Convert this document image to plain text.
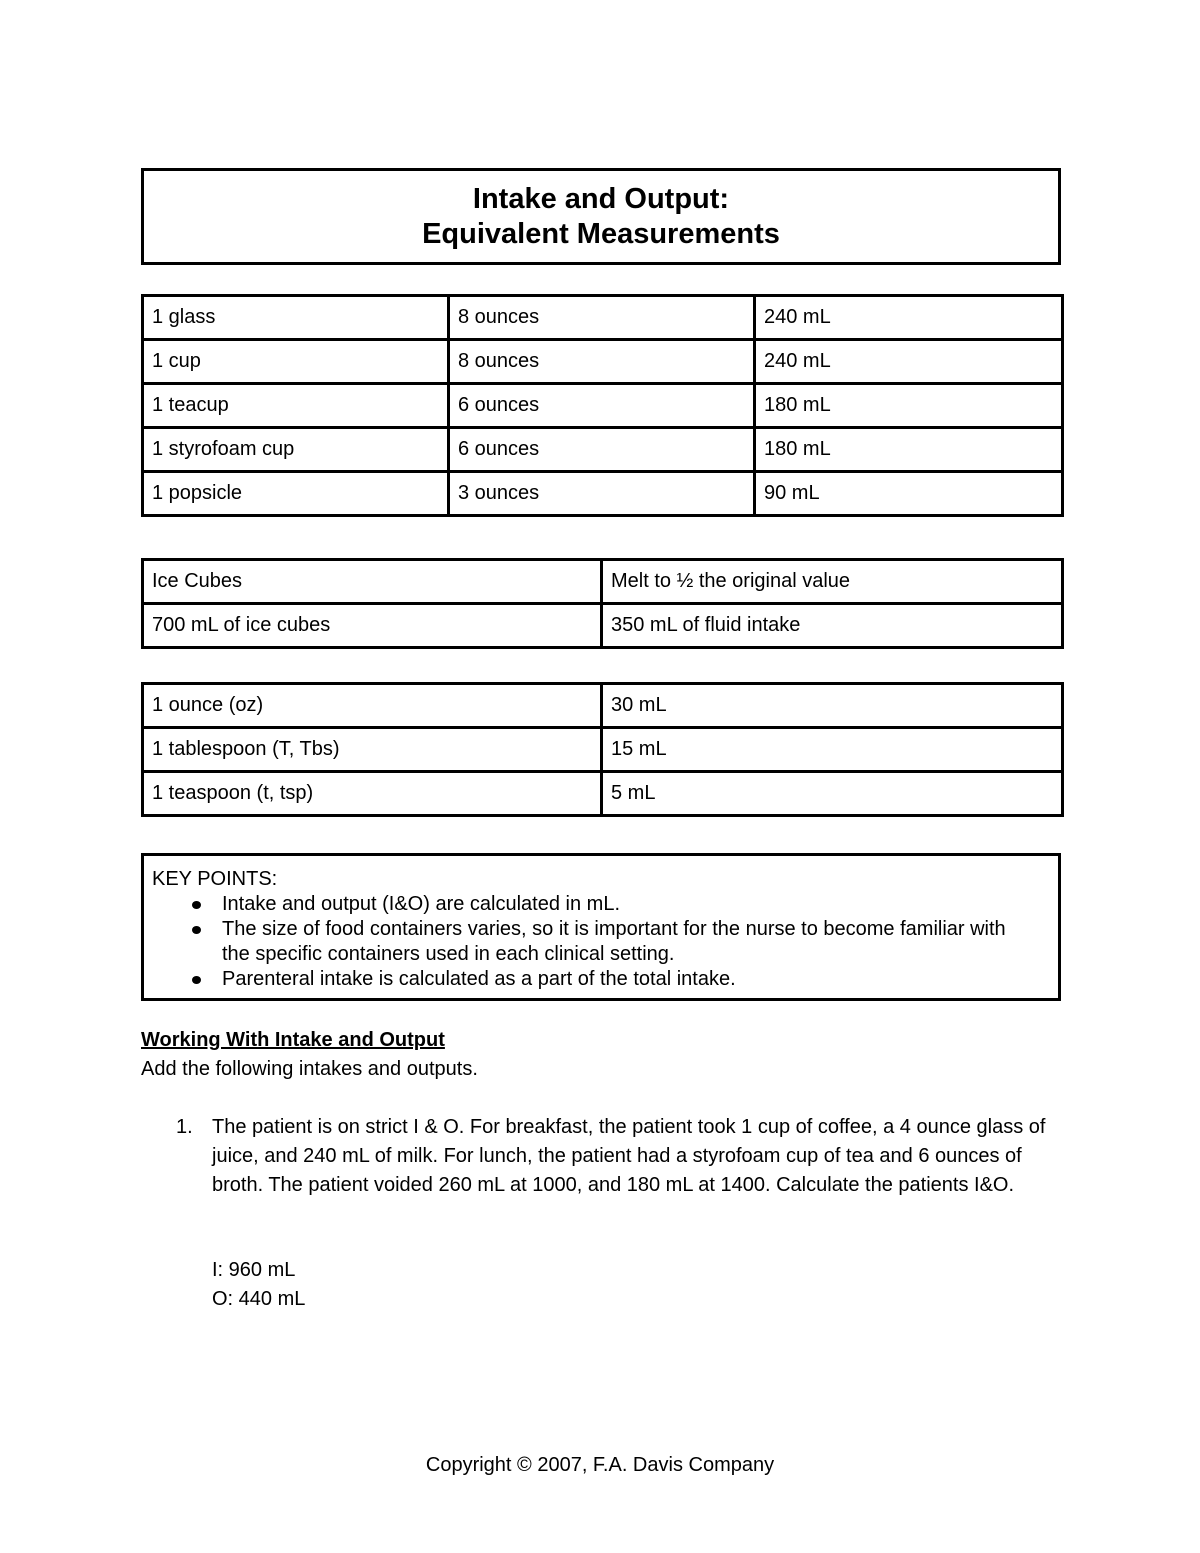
Intake and Output:
Equivalent Measurements
1 glass	8 ounces	240 mL
1 cup	8 ounces	240 mL
1 teacup	6 ounces	180 mL
1 styrofoam cup	6 ounces	180 mL
1 popsicle	3 ounces	90 mL
Ice Cubes	Melt to ½ the original value
700 mL of ice cubes	350 mL of fluid intake
1 ounce (oz)	30 mL
1 tablespoon (T, Tbs)	15 mL
1 teaspoon (t, tsp)	5 mL
KEY POINTS:
Intake and output (I&O) are calculated in mL.
The size of food containers varies, so it is important for the nurse to become familiar with the specific containers used in each clinical setting.
Parenteral intake is calculated as a part of the total intake.
Working With Intake and Output
Add the following intakes and outputs.
1. The patient is on strict I & O. For breakfast, the patient took 1 cup of coffee, a 4 ounce glass of juice, and 240 mL of milk. For lunch, the patient had a styrofoam cup of tea and 6 ounces of broth. The patient voided 260 mL at 1000, and 180 mL at 1400. Calculate the patients I&O.
I: 960 mL
O: 440 mL
Copyright © 2007, F.A. Davis Company
